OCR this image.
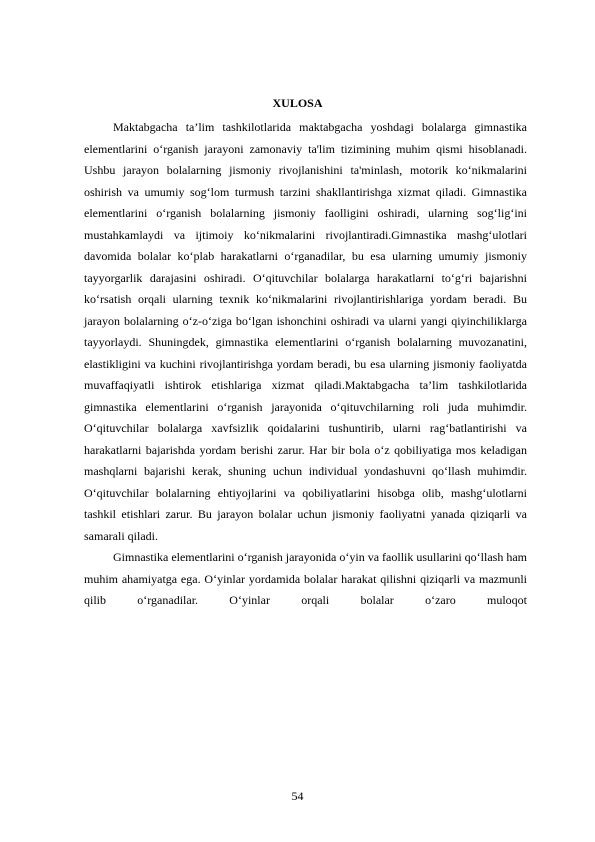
XULOSA

Maktabgacha ta’lim tashkilotlarida maktabgacha yoshdagi bolalarga gimnastika elementlarini o‘rganish jarayoni zamonaviy ta'lim tizimining muhim qismi hisoblanadi. Ushbu jarayon bolalarning jismoniy rivojlanishini ta'minlash, motorik ko‘nikmalarini oshirish va umumiy sog‘lom turmush tarzini shakllantirishga xizmat qiladi. Gimnastika elementlarini o‘rganish bolalarning jismoniy faolligini oshiradi, ularning sog‘lig‘ini mustahkamlaydi va ijtimoiy ko‘nikmalarini rivojlantiradi.Gimnastika mashg‘ulotlari davomida bolalar ko‘plab harakatlarni o‘rganadilar, bu esa ularning umumiy jismoniy tayyorgarlik darajasini oshiradi. O‘qituvchilar bolalarga harakatlarni to‘g‘ri bajarishni ko‘rsatish orqali ularning texnik ko‘nikmalarini rivojlantirishlariga yordam beradi. Bu jarayon bolalarning o‘z-o‘ziga bo‘lgan ishonchini oshiradi va ularni yangi qiyinchiliklarga tayyorlaydi. Shuningdek, gimnastika elementlarini o‘rganish bolalarning muvozanatini, elastikligini va kuchini rivojlantirishga yordam beradi, bu esa ularning jismoniy faoliyatda muvaffaqiyatli ishtirok etishlariga xizmat qiladi.Maktabgacha ta’lim tashkilotlarida gimnastika elementlarini o‘rganish jarayonida o‘qituvchilarning roli juda muhimdir. O‘qituvchilar bolalarga xavfsizlik qoidalarini tushuntirib, ularni rag‘batlantirishi va harakatlarni bajarishda yordam berishi zarur. Har bir bola o‘z qobiliyatiga mos keladigan mashqlarni bajarishi kerak, shuning uchun individual yondashuvni qo‘llash muhimdir. O‘qituvchilar bolalarning ehtiyojlarini va qobiliyatlarini hisobga olib, mashg‘ulotlarni tashkil etishlari zarur. Bu jarayon bolalar uchun jismoniy faoliyatni yanada qiziqarli va samarali qiladi.

Gimnastika elementlarini o‘rganish jarayonida o‘yin va faollik usullarini qo‘llash ham muhim ahamiyatga ega. O‘yinlar yordamida bolalar harakat qilishni qiziqarli va mazmunli qilib o‘rganadilar. O‘yinlar orqali bolalar o‘zaro muloqot

54
